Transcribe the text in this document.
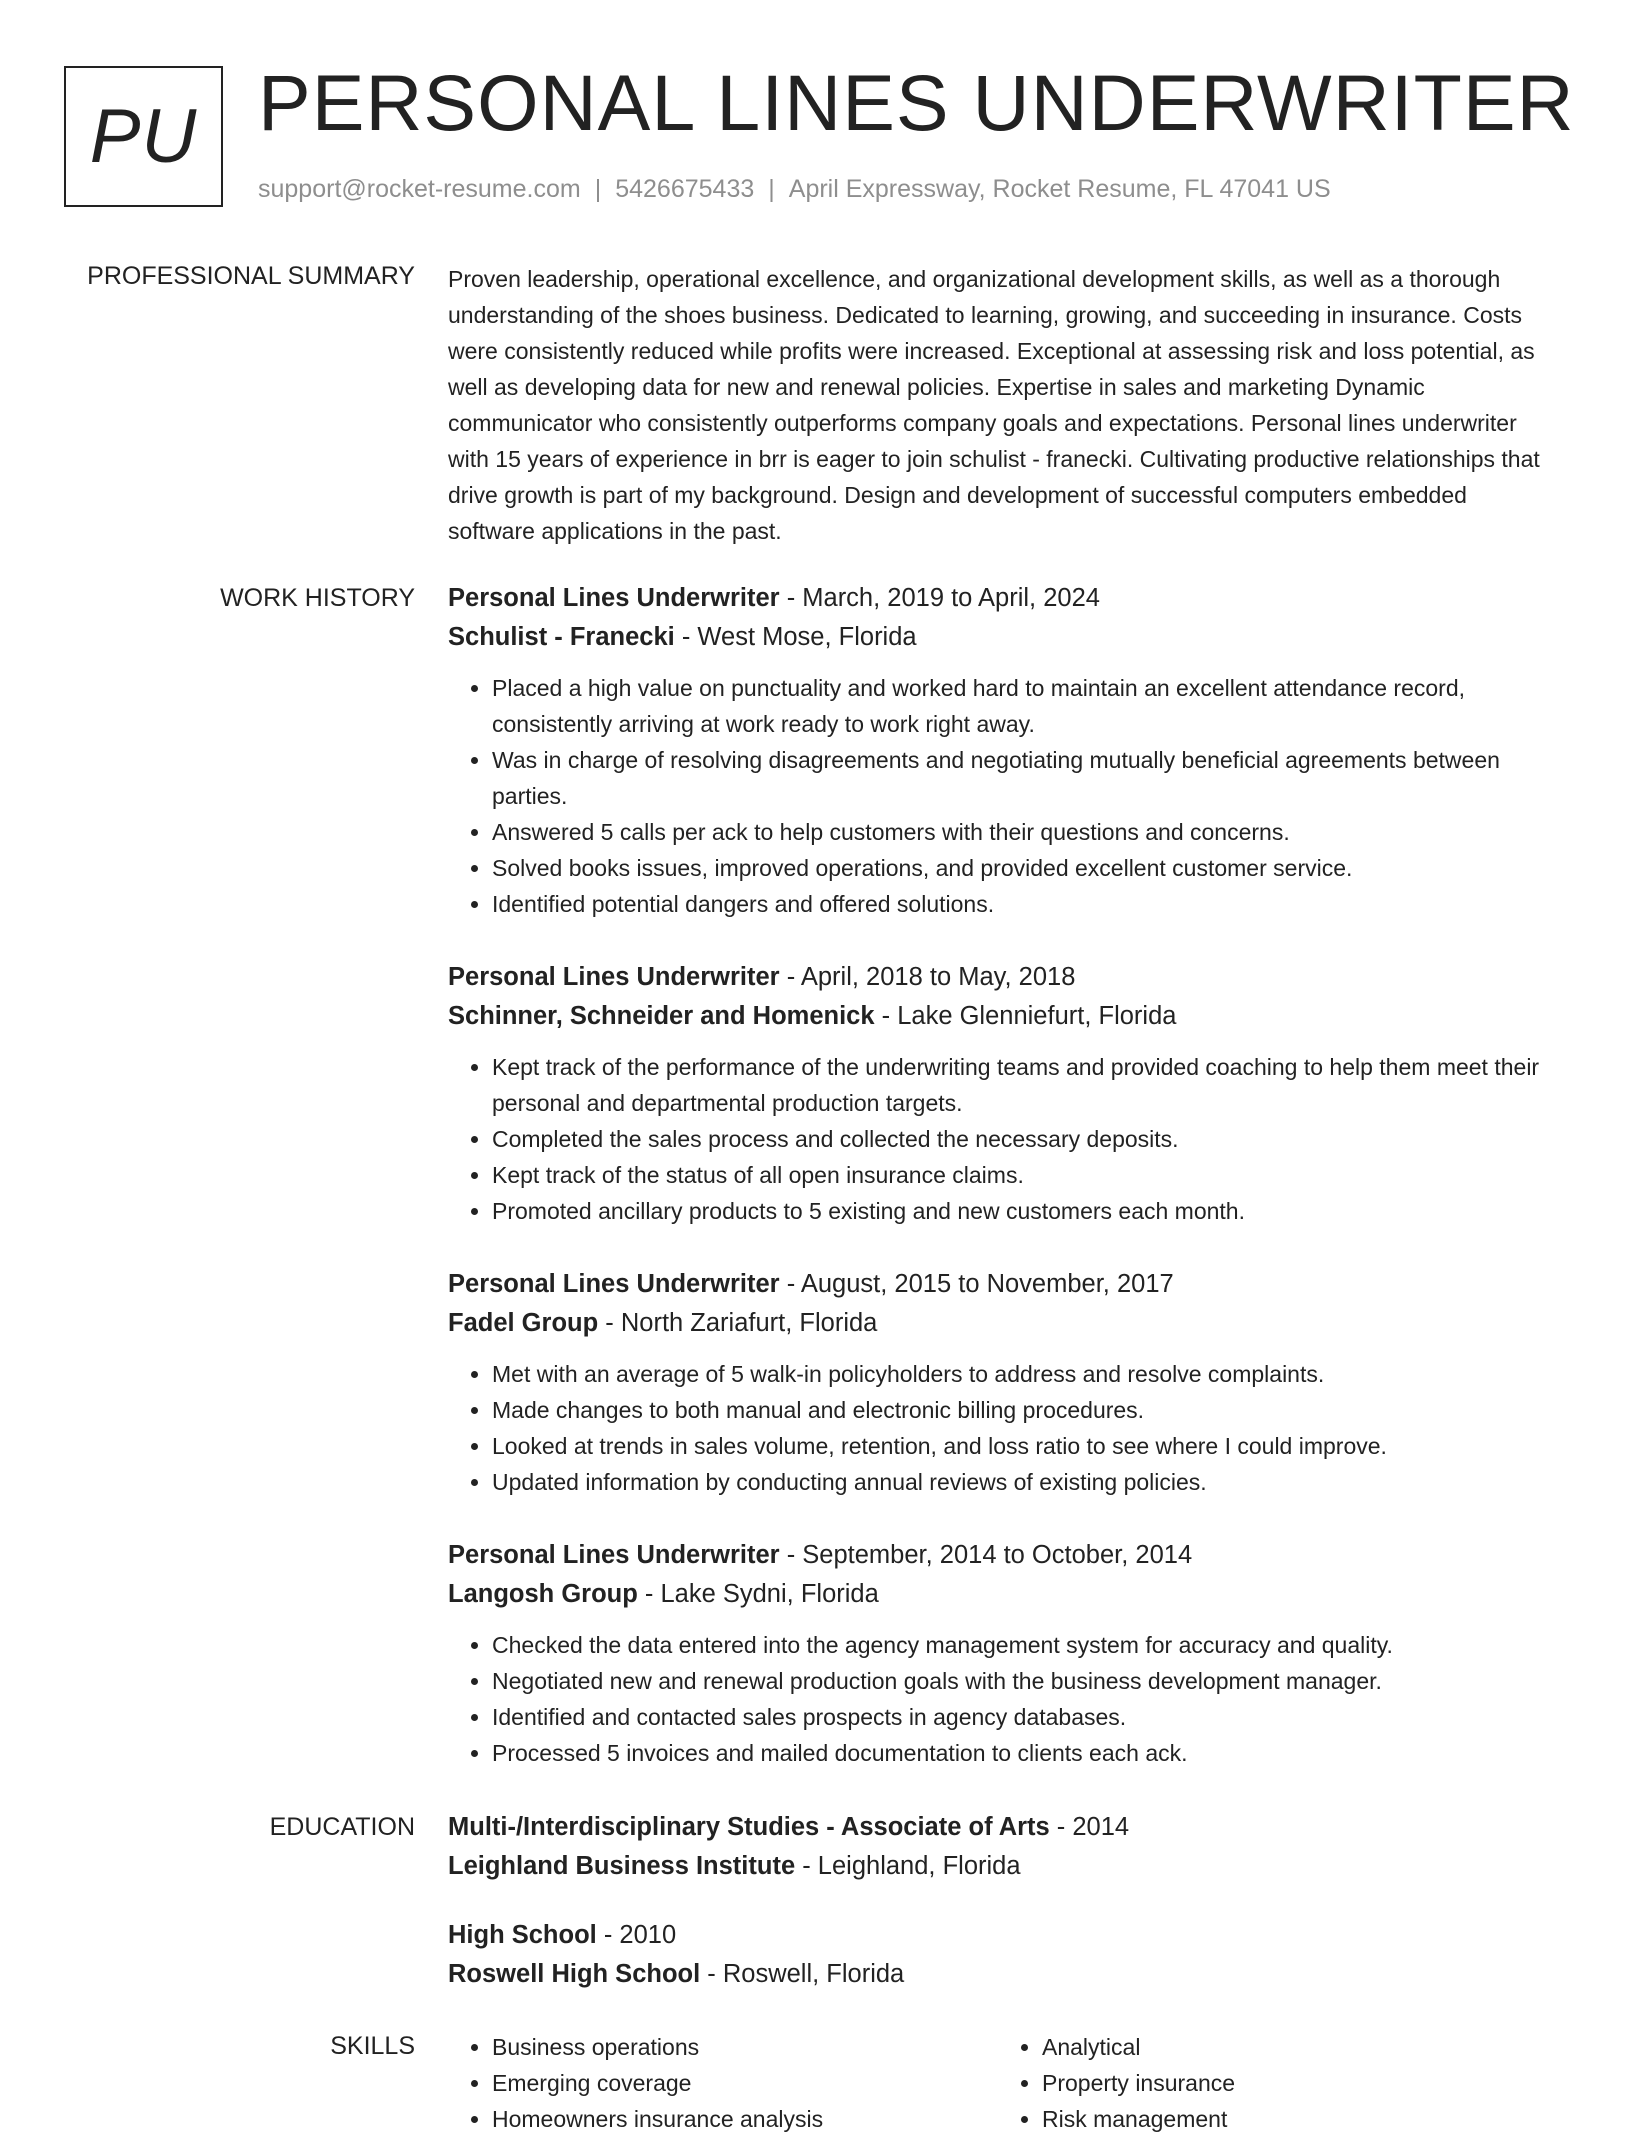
PU PERSONAL LINES UNDERWRITER
support@rocket-resume.com | 5426675433 | April Expressway, Rocket Resume, FL 47041 US
PROFESSIONAL SUMMARY Proven leadership, operational excellence, and organizational development skills, as well as a thorough understanding of the shoes business. Dedicated to learning, growing, and succeeding in insurance. Costs were consistently reduced while profits were increased. Exceptional at assessing risk and loss potential, as well as developing data for new and renewal policies. Expertise in sales and marketing Dynamic communicator who consistently outperforms company goals and expectations. Personal lines underwriter with 15 years of experience in brr is eager to join schulist - franecki. Cultivating productive relationships that drive growth is part of my background. Design and development of successful computers embedded software applications in the past.

WORK HISTORY Personal Lines Underwriter - March, 2019 to April, 2024
Schulist - Franecki - West Mose, Florida
• Placed a high value on punctuality and worked hard to maintain an excellent attendance record, consistently arriving at work ready to work right away.
• Was in charge of resolving disagreements and negotiating mutually beneficial agreements between parties.
• Answered 5 calls per ack to help customers with their questions and concerns.
• Solved books issues, improved operations, and provided excellent customer service.
• Identified potential dangers and offered solutions.
Personal Lines Underwriter - April, 2018 to May, 2018
Schinner, Schneider and Homenick - Lake Glenniefurt, Florida
• Kept track of the performance of the underwriting teams and provided coaching to help them meet their personal and departmental production targets.
• Completed the sales process and collected the necessary deposits.
• Kept track of the status of all open insurance claims.
• Promoted ancillary products to 5 existing and new customers each month.
Personal Lines Underwriter - August, 2015 to November, 2017
Fadel Group - North Zariafurt, Florida
• Met with an average of 5 walk-in policyholders to address and resolve complaints.
• Made changes to both manual and electronic billing procedures.
• Looked at trends in sales volume, retention, and loss ratio to see where I could improve.
• Updated information by conducting annual reviews of existing policies.
Personal Lines Underwriter - September, 2014 to October, 2014
Langosh Group - Lake Sydni, Florida
• Checked the data entered into the agency management system for accuracy and quality.
• Negotiated new and renewal production goals with the business development manager.
• Identified and contacted sales prospects in agency databases.
• Processed 5 invoices and mailed documentation to clients each ack.
EDUCATION Multi-/Interdisciplinary Studies - Associate of Arts - 2014
Leighland Business Institute - Leighland, Florida
High School - 2010
Roswell High School - Roswell, Florida
SKILLS
•	Business operations
• Emerging coverage
• Homeowners insurance analysis
• Analytical
• Property insurance
• Risk management
